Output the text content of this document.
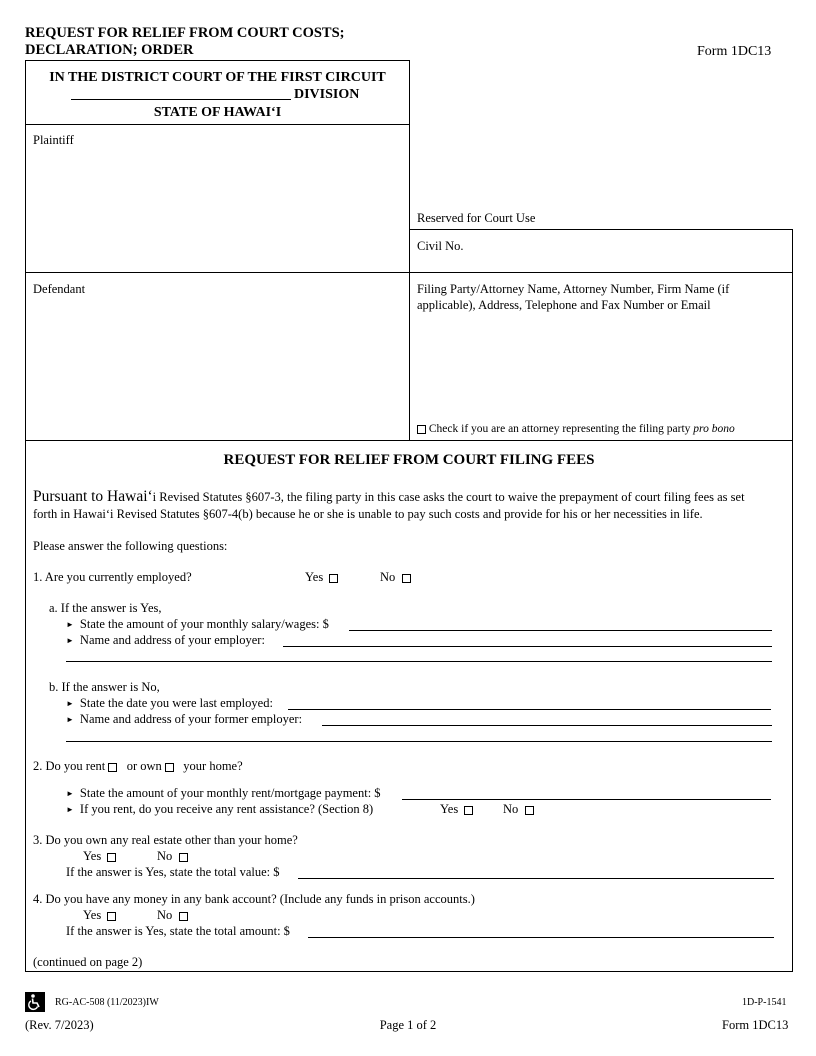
REQUEST FOR RELIEF FROM COURT COSTS;
DECLARATION; ORDER	Form 1DC13
IN THE DISTRICT COURT OF THE FIRST CIRCUIT
DIVISION
STATE OF HAWAI‘I
Plaintiff
Defendant
Reserved for Court Use
Civil No.
Filing Party/Attorney Name, Attorney Number, Firm Name (if
applicable), Address, Telephone and Fax Number or Email
Check if you are an attorney representing the filing party pro bono
REQUEST FOR RELIEF FROM COURT FILING FEES
Pursuant to Hawai‘i Revised Statutes §607-3, the filing party in this case asks the court to waive the prepayment of court filing fees as set
forth in Hawai‘i Revised Statutes §607-4(b) because he or she is unable to pay such costs and provide for his or her necessities in life.
Please answer the following questions:
1. Are you currently employed?	Yes	No
a. If the answer is Yes,
► State the amount of your monthly salary/wages: $
► Name and address of your employer:
b. If the answer is No,
► State the date you were last employed:
► Name and address of your former employer:
2. Do you rent or own your home?
► State the amount of your monthly rent/mortgage payment: $
► If you rent, do you receive any rent assistance? (Section 8)	Yes	No
3. Do you own any real estate other than your home?
Yes	No
If the answer is Yes, state the total value: $
4. Do you have any money in any bank account? (Include any funds in prison accounts.)
Yes	No
If the answer is Yes, state the total amount: $
(continued on page 2)
RG-AC-508 (11/2023)IW	1D-P-1541
(Rev. 7/2023)	Page 1 of 2	Form 1DC13
